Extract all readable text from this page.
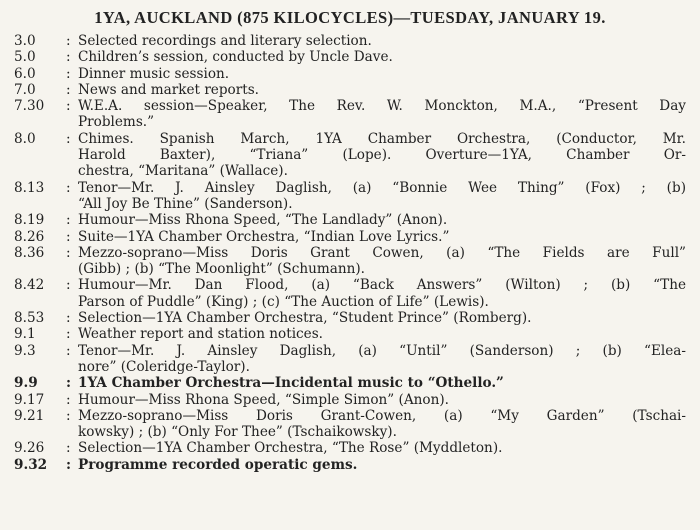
1YA, AUCKLAND (875 KILOCYCLES)—TUESDAY, JANUARY 19.
3.0	: Selected recordings and literary selection.
5.0	: Children’s session, conducted by Uncle Dave.
6.0	: Dinner music session.
7.0	: News and market reports.
7.30	: W.E.A. session—Speaker, The Rev. W. Monckton, M.A., “Present Day
Problems.”
8.0	: Chimes. Spanish March, 1YA Chamber Orchestra, (Conductor, Mr.
Harold Baxter), “Triana” (Lope). Overture—1YA, Chamber Or-
chestra, “Maritana” (Wallace).
8.13	: Tenor—Mr. J. Ainsley Daglish, (a) “Bonnie Wee Thing” (Fox) ; (b)
“All Joy Be Thine” (Sanderson).
8.19	: Humour—Miss Rhona Speed, “The Landlady” (Anon).
8.26	: Suite—1YA Chamber Orchestra, “Indian Love Lyrics.”
8.36	: Mezzo-soprano—Miss Doris Grant Cowen, (a) “The Fields are Full”
(Gibb) ; (b) “The Moonlight” (Schumann).
8.42	: Humour—Mr. Dan Flood, (a) “Back Answers” (Wilton) ; (b) “The
Parson of Puddle” (King) ; (c) “The Auction of Life” (Lewis).
8.53	: Selection—1YA Chamber Orchestra, “Student Prince” (Romberg).
9.1	: Weather report and station notices.
9.3	: Tenor—Mr. J. Ainsley Daglish, (a) “Until” (Sanderson) ; (b) “Elea-
nore” (Coleridge-Taylor).
9.9	: 1YA Chamber Orchestra—Incidental music to “Othello.”
9.17	: Humour—Miss Rhona Speed, “Simple Simon” (Anon).
9.21	: Mezzo-soprano—Miss Doris Grant-Cowen, (a) “My Garden” (Tschai-
kowsky) ; (b) “Only For Thee” (Tschaikowsky).
9.26	: Selection—1YA Chamber Orchestra, “The Rose” (Myddleton).
9.32	: Programme recorded operatic gems.
